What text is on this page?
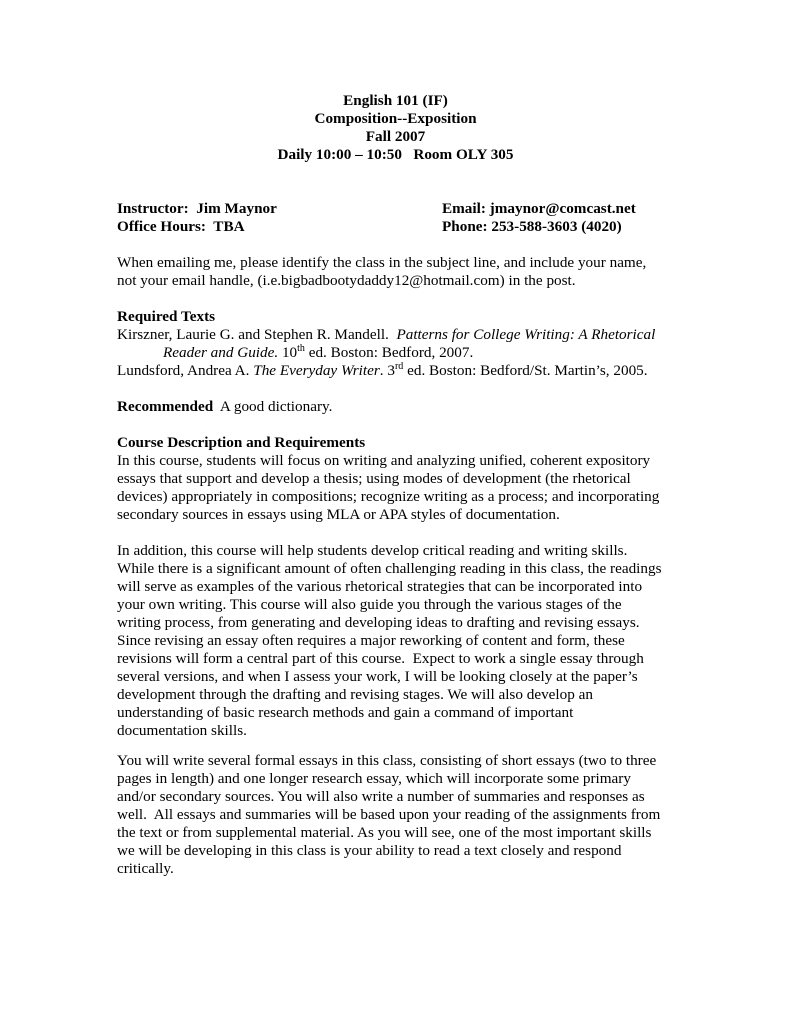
English 101 (IF)
Composition--Exposition
Fall 2007
Daily 10:00 – 10:50   Room OLY 305
Instructor:  Jim Maynor	Email: jmaynor@comcast.net
Office Hours:  TBA	Phone: 253-588-3603 (4020)
When emailing me, please identify the class in the subject line, and include your name,
not your email handle, (i.e.bigbadbootydaddy12@hotmail.com) in the post.
Required Texts
Kirszner, Laurie G. and Stephen R. Mandell.  Patterns for College Writing: A Rhetorical
Reader and Guide. 10th ed. Boston: Bedford, 2007.
Lundsford, Andrea A. The Everyday Writer. 3rd ed. Boston: Bedford/St. Martin’s, 2005.
Recommended  A good dictionary.
Course Description and Requirements
In this course, students will focus on writing and analyzing unified, coherent expository
essays that support and develop a thesis; using modes of development (the rhetorical
devices) appropriately in compositions; recognize writing as a process; and incorporating
secondary sources in essays using MLA or APA styles of documentation.
In addition, this course will help students develop critical reading and writing skills.
While there is a significant amount of often challenging reading in this class, the readings
will serve as examples of the various rhetorical strategies that can be incorporated into
your own writing. This course will also guide you through the various stages of the
writing process, from generating and developing ideas to drafting and revising essays.
Since revising an essay often requires a major reworking of content and form, these
revisions will form a central part of this course.  Expect to work a single essay through
several versions, and when I assess your work, I will be looking closely at the paper’s
development through the drafting and revising stages. We will also develop an
understanding of basic research methods and gain a command of important
documentation skills.
You will write several formal essays in this class, consisting of short essays (two to three
pages in length) and one longer research essay, which will incorporate some primary
and/or secondary sources. You will also write a number of summaries and responses as
well.  All essays and summaries will be based upon your reading of the assignments from
the text or from supplemental material. As you will see, one of the most important skills
we will be developing in this class is your ability to read a text closely and respond
critically.
